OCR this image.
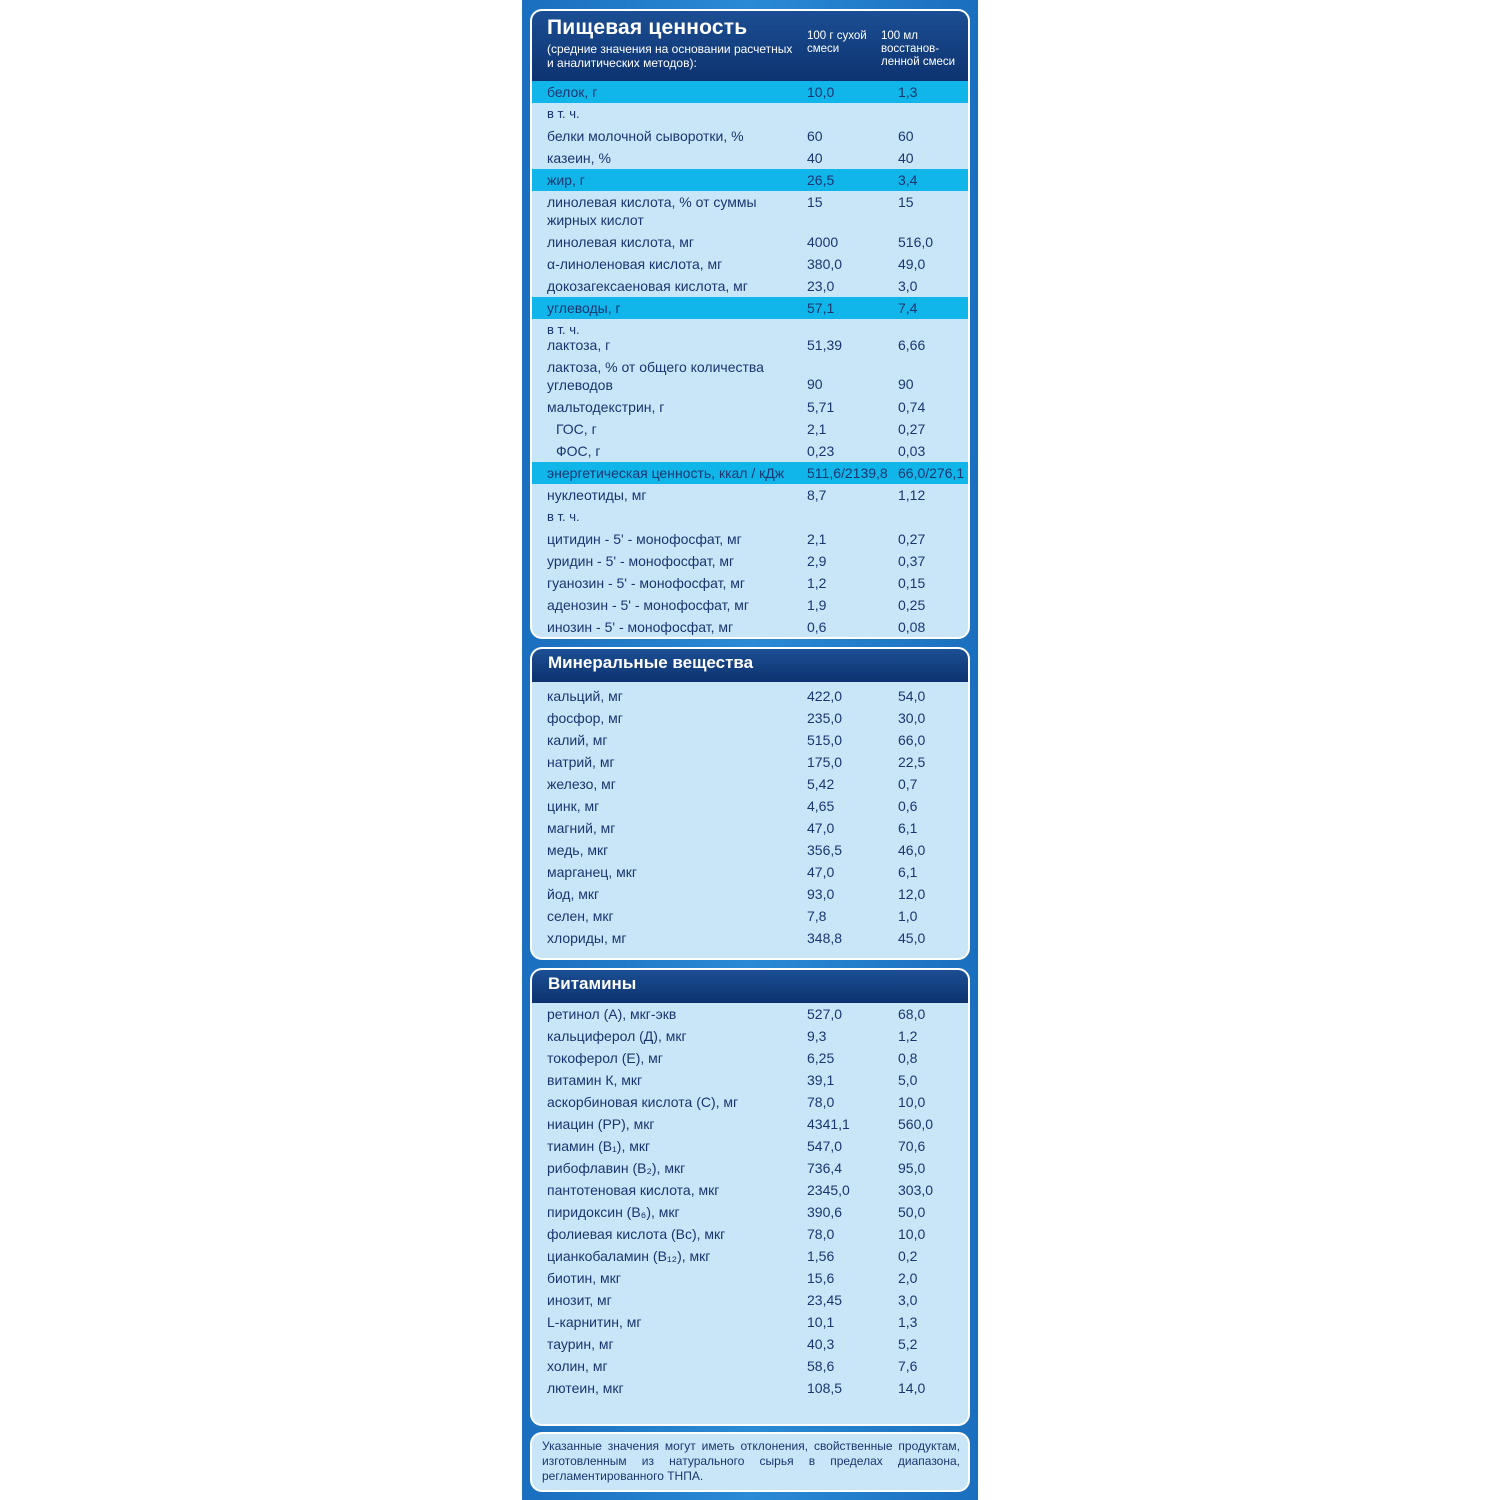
Пищевая ценность
(средние значения на основании расчетных и аналитических методов):
100 г сухой смеси
100 мл восстанов-ленной смеси
белок, г	10,0	1,3
в т. ч.
белки молочной сыворотки, %	60	60
казеин, %	40	40
жир, г	26,5	3,4
линолевая кислота, % от суммы жирных кислот
15	15
линолевая кислота, мг	4000	516,0
α-линоленовая кислота, мг	380,0	49,0
докозагексаеновая кислота, мг	23,0	3,0
углеводы, г	57,1	7,4
в т. ч.
лактоза, г	51,39	6,66
лактоза, % от общего количества углеводов	90	90
мальтодекстрин, г	5,71	0,74
ГОС, г	2,1	0,27
ФОС, г	0,23	0,03
энергетическая ценность, ккал / кДж 511,6/2139,8 66,0/276,1
нуклеотиды, мг	8,7	1,12
в т. ч.
цитидин - 5' - монофосфат, мг	2,1	0,27
уридин - 5' - монофосфат, мг	2,9	0,37
гуанозин - 5' - монофосфат, мг	1,2	0,15
аденозин - 5' - монофосфат, мг	1,9	0,25
инозин - 5' - монофосфат, мг	0,6	0,08
Минеральные вещества
кальций, мг	422,0	54,0
фосфор, мг	235,0	30,0
калий, мг	515,0	66,0
натрий, мг	175,0	22,5
железо, мг	5,42	0,7
цинк, мг	4,65	0,6
магний, мг	47,0	6,1
медь, мкг	356,5	46,0
марганец, мкг	47,0	6,1
йод, мкг	93,0	12,0
селен, мкг	7,8	1,0
хлориды, мг	348,8	45,0
Витамины
ретинол (А), мкг-экв	527,0	68,0
кальциферол (Д), мкг	9,3	1,2
токоферол (Е), мг	6,25	0,8
витамин К, мкг	39,1	5,0
аскорбиновая кислота (С), мг	78,0	10,0
ниацин (РР), мкг	4341,1	560,0
тиамин (В₁), мкг	547,0	70,6
рибофлавин (В₂), мкг	736,4	95,0
пантотеновая кислота, мкг	2345,0	303,0
пиридоксин (В₆), мкг	390,6	50,0
фолиевая кислота (Вс), мкг	78,0	10,0
цианкобаламин (В₁₂), мкг	1,56	0,2
биотин, мкг	15,6	2,0
инозит, мг	23,45	3,0
L-карнитин, мг	10,1	1,3
таурин, мг	40,3	5,2
холин, мг	58,6	7,6
лютеин, мкг	108,5	14,0
Указанные значения могут иметь отклонения, свойственные продуктам, изготовленным из натурального сырья в пределах диапазона, регламентированного ТНПА.
